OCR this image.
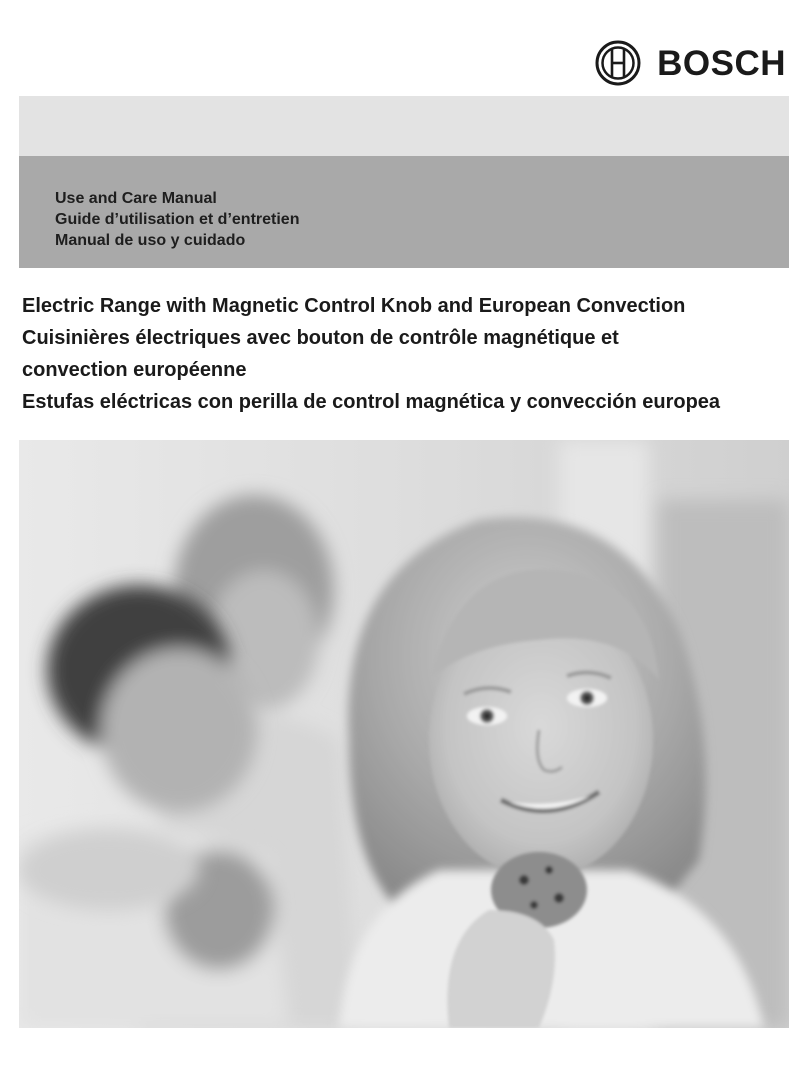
BOSCH
Use and Care Manual
Guide d’utilisation et d’entretien
Manual de uso y cuidado
Electric Range with Magnetic Control Knob and European Convection
Cuisinières électriques avec bouton de contrôle magnétique et
convection européenne
Estufas eléctricas con perilla de control magnética y convección europea
